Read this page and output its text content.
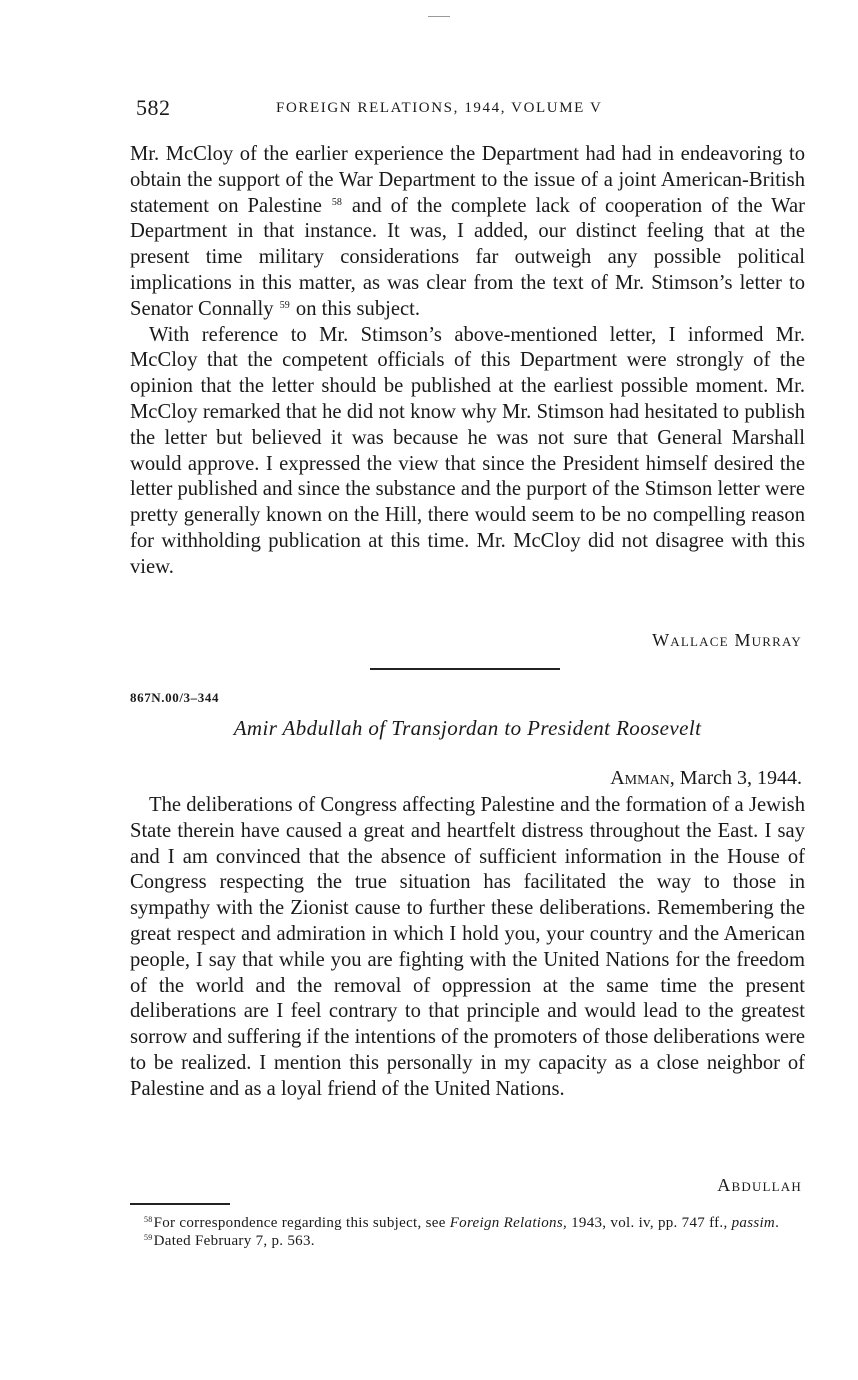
582	FOREIGN RELATIONS, 1944, VOLUME V

Mr. McCloy of the earlier experience the Department had had in endeavoring to obtain the support of the War Department to the issue of a joint American-British statement on Palestine $^{58}$ and of the complete lack of cooperation of the War Department in that instance. It was, I added, our distinct feeling that at the present time military considerations far outweigh any possible political implications in this matter, as was clear from the text of Mr. Stimson’s letter to Senator Connally $^{59}$ on this subject.

With reference to Mr. Stimson’s above-mentioned letter, I informed Mr. McCloy that the competent officials of this Department were strongly of the opinion that the letter should be published at the earliest possible moment. Mr. McCloy remarked that he did not know why Mr. Stimson had hesitated to publish the letter but believed it was because he was not sure that General Marshall would approve. I expressed the view that since the President himself desired the letter published and since the substance and the purport of the Stimson letter were pretty generally known on the Hill, there would seem to be no compelling reason for withholding publication at this time. Mr. McCloy did not disagree with this view.

Wallace Murray
867N.00/3–344
Amir Abdullah of Transjordan to President Roosevelt
Amman, March 3, 1944.

The deliberations of Congress affecting Palestine and the formation of a Jewish State therein have caused a great and heartfelt distress throughout the East. I say and I am convinced that the absence of sufficient information in the House of Congress respecting the true situation has facilitated the way to those in sympathy with the Zionist cause to further these deliberations. Remembering the great respect and admiration in which I hold you, your country and the American people, I say that while you are fighting with the United Nations for the freedom of the world and the removal of oppression at the same time the present deliberations are I feel contrary to that principle and would lead to the greatest sorrow and suffering if the intentions of the promoters of those deliberations were to be realized. I mention this personally in my capacity as a close neighbor of Palestine and as a loyal friend of the United Nations.

Abdullah

$^{58}$For correspondence regarding this subject, see Foreign Relations, 1943, vol. iv, pp. 747 ff., passim.

$^{59}$Dated February 7, p. 563.
